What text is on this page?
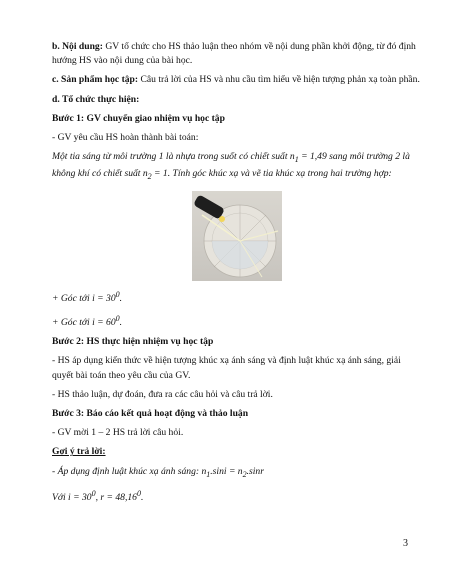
b. Nội dung: GV tổ chức cho HS thảo luận theo nhóm về nội dung phần khởi động, từ đó định hướng HS vào nội dung của bài học.

c. Sản phẩm học tập: Câu trả lời của HS và nhu cầu tìm hiểu về hiện tượng phản xạ toàn phần.

d. Tổ chức thực hiện:

Bước 1: GV chuyển giao nhiệm vụ học tập

- GV yêu cầu HS hoàn thành bài toán:

Một tia sáng từ môi trường 1 là nhựa trong suốt có chiết suất $n_1 = 1,49$ sang môi trường 2 là không khí có chiết suất $n_2 = 1$. Tính góc khúc xạ và vẽ tia khúc xạ trong hai trường hợp:

+ Góc tới $i = 30^0$.

+ Góc tới $i = 60^0$.

Bước 2: HS thực hiện nhiệm vụ học tập

- HS áp dụng kiến thức về hiện tượng khúc xạ ánh sáng và định luật khúc xạ ánh sáng, giải quyết bài toán theo yêu cầu của GV.

- HS thảo luận, dự đoán, đưa ra các câu hỏi và câu trả lời.

Bước 3: Báo cáo kết quả hoạt động và thảo luận

- GV mời 1 – 2 HS trả lời câu hỏi.

Gợi ý trả lời:

- Áp dụng định luật khúc xạ ánh sáng: $n_1.\sin i = n_2.\sin r$

Với $i = 30^0$, $r = 48,16^0$.

3
